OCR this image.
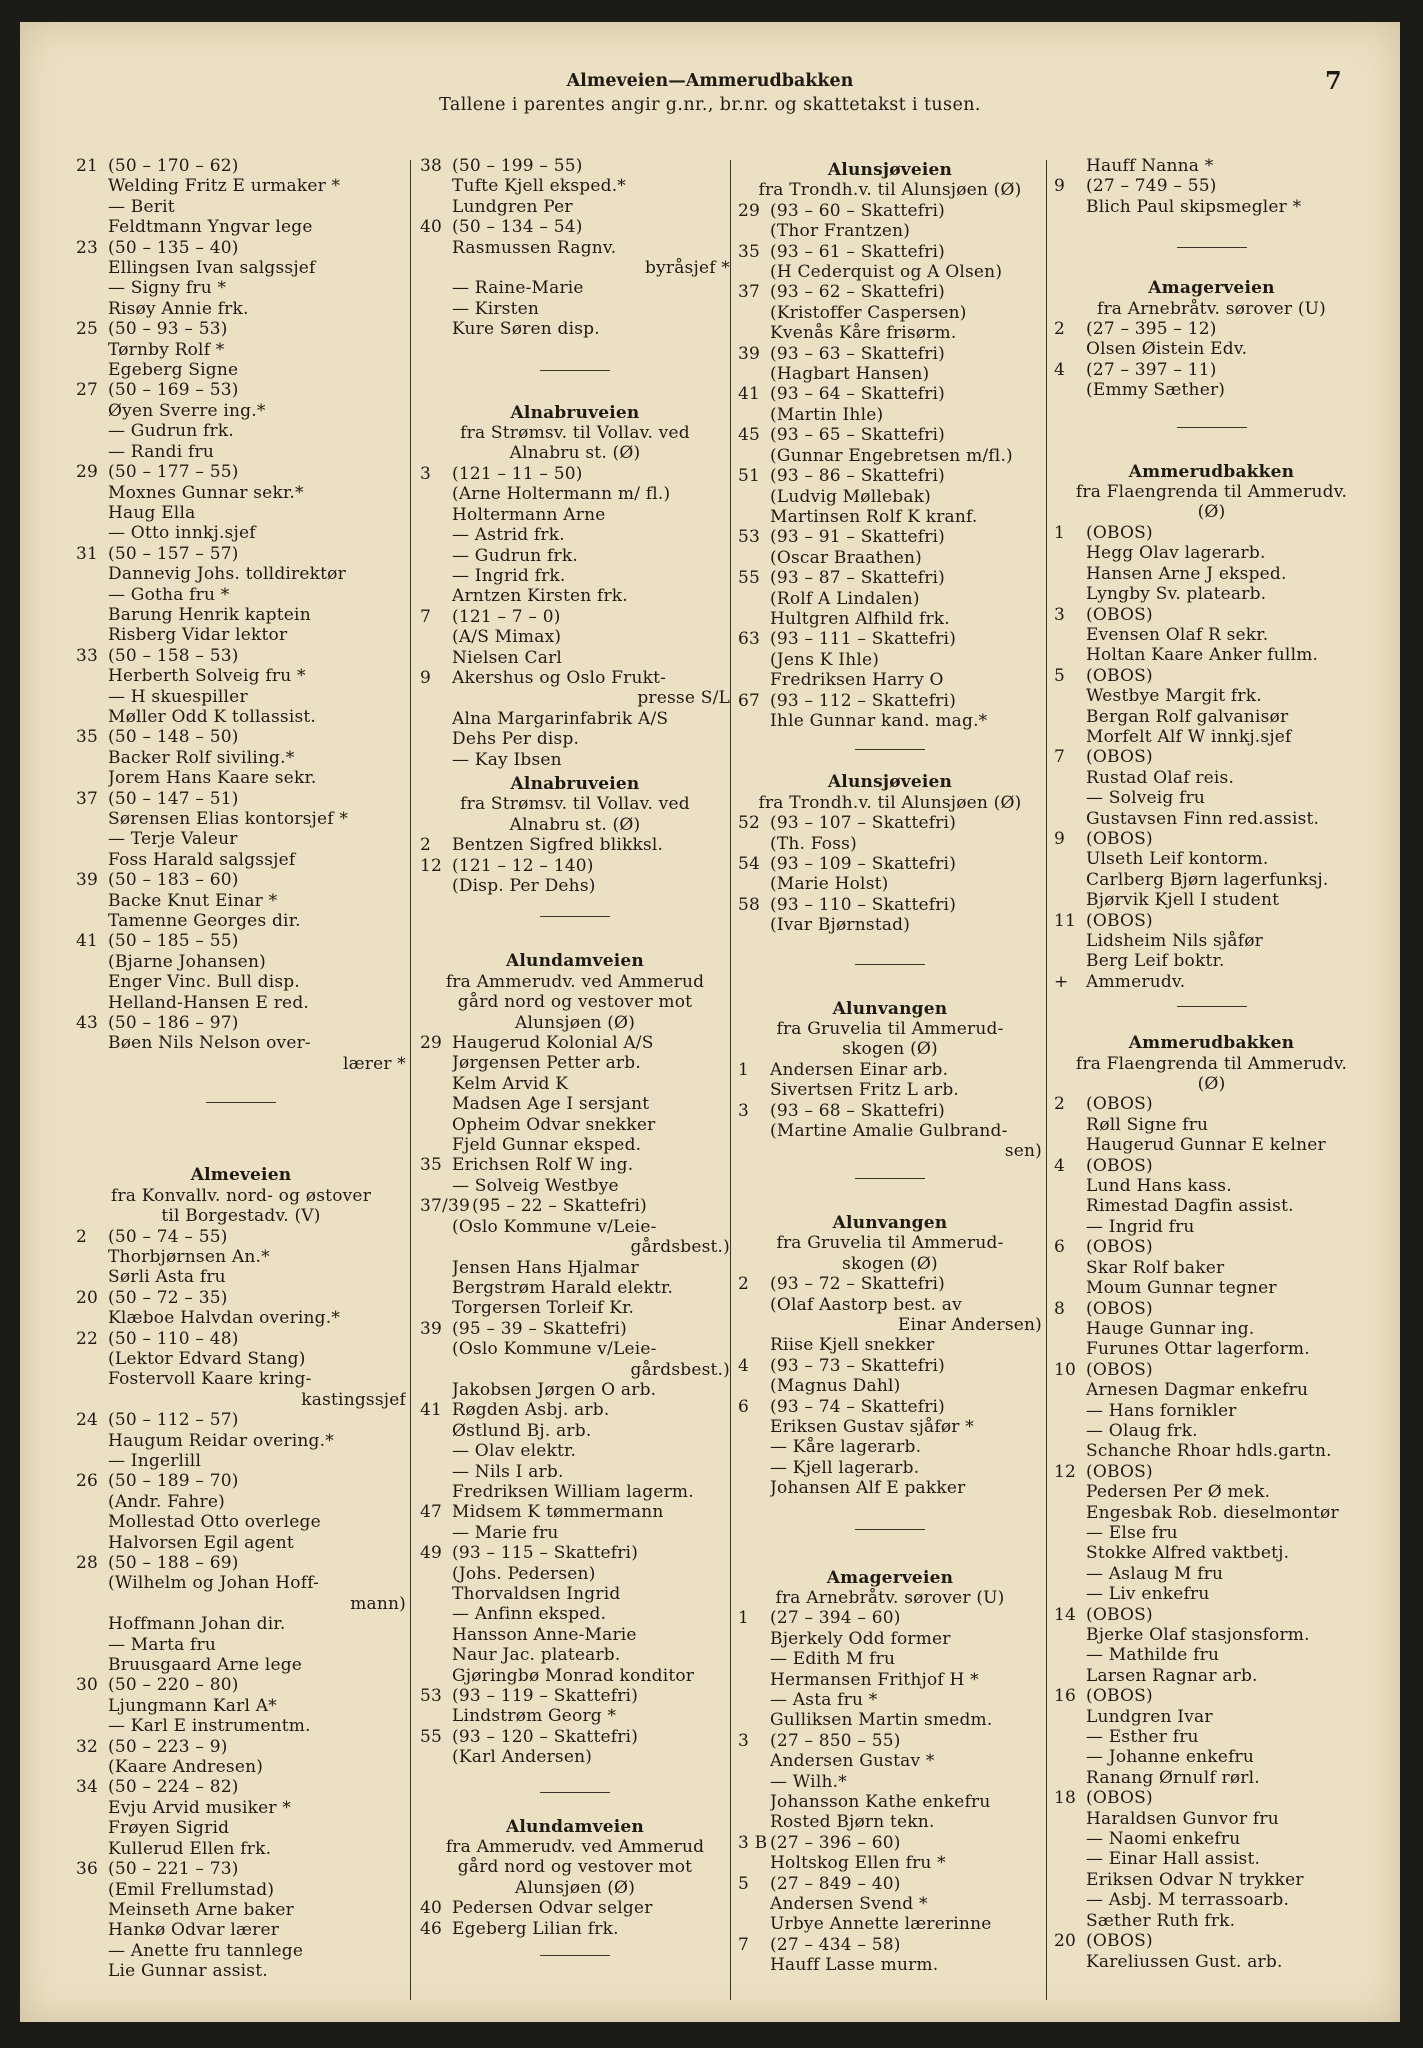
Almeveien—Ammerudbakken
Tallene i parentes angir g.nr., br.nr. og skattetakst i tusen.
7
21 (50 – 170 – 62)
Welding Fritz E urmaker *
— Berit
Feldtmann Yngvar lege
23 (50 – 135 – 40)
Ellingsen Ivan salgssjef
— Signy fru *
Risøy Annie frk.
25 (50 – 93 – 53)
Tørnby Rolf *
Egeberg Signe
27 (50 – 169 – 53)
Øyen Sverre ing.*
— Gudrun frk.
— Randi fru
29 (50 – 177 – 55)
Moxnes Gunnar sekr.*
Haug Ella
— Otto innkj.sjef
31 (50 – 157 – 57)
Dannevig Johs. tolldirektør
— Gotha fru *
Barung Henrik kaptein
Risberg Vidar lektor
33 (50 – 158 – 53)
Herberth Solveig fru *
— H skuespiller
Møller Odd K tollassist.
35 (50 – 148 – 50)
Backer Rolf siviling.*
Jorem Hans Kaare sekr.
37 (50 – 147 – 51)
Sørensen Elias kontorsjef *
— Terje Valeur
Foss Harald salgssjef
39 (50 – 183 – 60)
Backe Knut Einar *
Tamenne Georges dir.
41 (50 – 185 – 55)
(Bjarne Johansen)
Enger Vinc. Bull disp.
Helland-Hansen E red.
43 (50 – 186 – 97)
Bøen Nils Nelson over-
lærer *
Almeveien
fra Konvallv. nord- og østover
til Borgestadv. (V)
2	(50 – 74 – 55)
Thorbjørnsen An.*
Sørli Asta fru
20 (50 – 72 – 35)
Klæboe Halvdan overing.*
22 (50 – 110 – 48)
(Lektor Edvard Stang)
Fostervoll Kaare kring-
kastingssjef
24 (50 – 112 – 57)
Haugum Reidar overing.*
— Ingerlill
26 (50 – 189 – 70)
(Andr. Fahre)
Mollestad Otto overlege
Halvorsen Egil agent
28 (50 – 188 – 69)
(Wilhelm og Johan Hoff-
mann)
Hoffmann Johan dir.
— Marta fru
Bruusgaard Arne lege
30 (50 – 220 – 80)
Ljungmann Karl A*
— Karl E instrumentm.
32 (50 – 223 – 9)
(Kaare Andresen)
34 (50 – 224 – 82)
Evju Arvid musiker *
Frøyen Sigrid
Kullerud Ellen frk.
36 (50 – 221 – 73)
(Emil Frellumstad)
Meinseth Arne baker
Hankø Odvar lærer
— Anette fru tannlege
Lie Gunnar assist.
38 (50 – 199 – 55)
Tufte Kjell eksped.*
Lundgren Per
40 (50 – 134 – 54)
Rasmussen Ragnv.
byråsjef *
— Raine-Marie
— Kirsten
Kure Søren disp.
Alnabruveien
fra Strømsv. til Vollav. ved
Alnabru st. (Ø)
3	(121 – 11 – 50)
(Arne Holtermann m/ fl.)
Holtermann Arne
— Astrid frk.
— Gudrun frk.
— Ingrid frk.
Arntzen Kirsten frk.
7	(121 – 7 – 0)
(A/S Mimax)
Nielsen Carl
9	Akershus og Oslo Frukt-
presse S/L
Alna Margarinfabrik A/S
Dehs Per disp.
— Kay Ibsen
Alnabruveien
fra Strømsv. til Vollav. ved
Alnabru st. (Ø)
2	Bentzen Sigfred blikksl.
12 (121 – 12 – 140)
(Disp. Per Dehs)
Alundamveien
fra Ammerudv. ved Ammerud
gård nord og vestover mot
Alunsjøen (Ø)
29 Haugerud Kolonial A/S
Jørgensen Petter arb.
Kelm Arvid K
Madsen Age I sersjant
Opheim Odvar snekker
Fjeld Gunnar eksped.
35 Erichsen Rolf W ing.
— Solveig Westbye
37/39 (95 – 22 – Skattefri)
(Oslo Kommune v/Leie-
gårdsbest.)
Jensen Hans Hjalmar
Bergstrøm Harald elektr.
Torgersen Torleif Kr.
39 (95 – 39 – Skattefri)
(Oslo Kommune v/Leie-
gårdsbest.)
Jakobsen Jørgen O arb.
41 Røgden Asbj. arb.
Østlund Bj. arb.
— Olav elektr.
— Nils I arb.
Fredriksen William lagerm.
47 Midsem K tømmermann
— Marie fru
49 (93 – 115 – Skattefri)
(Johs. Pedersen)
Thorvaldsen Ingrid
— Anfinn eksped.
Hansson Anne-Marie
Naur Jac. platearb.
Gjøringbø Monrad konditor
53 (93 – 119 – Skattefri)
Lindstrøm Georg *
55 (93 – 120 – Skattefri)
(Karl Andersen)
Alundamveien
fra Ammerudv. ved Ammerud
gård nord og vestover mot
Alunsjøen (Ø)
40 Pedersen Odvar selger
46 Egeberg Lilian frk.
Alunsjøveien
fra Trondh.v. til Alunsjøen (Ø)
29 (93 – 60 – Skattefri)
(Thor Frantzen)
35 (93 – 61 – Skattefri)
(H Cederquist og A Olsen)
37 (93 – 62 – Skattefri)
(Kristoffer Caspersen)
Kvenås Kåre frisørm.
39 (93 – 63 – Skattefri)
(Hagbart Hansen)
41 (93 – 64 – Skattefri)
(Martin Ihle)
45 (93 – 65 – Skattefri)
(Gunnar Engebretsen m/fl.)
51 (93 – 86 – Skattefri)
(Ludvig Møllebak)
Martinsen Rolf K kranf.
53 (93 – 91 – Skattefri)
(Oscar Braathen)
55 (93 – 87 – Skattefri)
(Rolf A Lindalen)
Hultgren Alfhild frk.
63 (93 – 111 – Skattefri)
(Jens K Ihle)
Fredriksen Harry O
67 (93 – 112 – Skattefri)
Ihle Gunnar kand. mag.*
Alunsjøveien
fra Trondh.v. til Alunsjøen (Ø)
52 (93 – 107 – Skattefri)
(Th. Foss)
54 (93 – 109 – Skattefri)
(Marie Holst)
58 (93 – 110 – Skattefri)
(Ivar Bjørnstad)
Alunvangen
fra Gruvelia til Ammerud-
skogen (Ø)
1	Andersen Einar arb.
Sivertsen Fritz L arb.
3	(93 – 68 – Skattefri)
(Martine Amalie Gulbrand-
sen)
Alunvangen
fra Gruvelia til Ammerud-
skogen (Ø)
2	(93 – 72 – Skattefri)
(Olaf Aastorp best. av
Einar Andersen)
Riise Kjell snekker
4	(93 – 73 – Skattefri)
(Magnus Dahl)
6	(93 – 74 – Skattefri)
Eriksen Gustav sjåfør *
— Kåre lagerarb.
— Kjell lagerarb.
Johansen Alf E pakker
Amagerveien
fra Arnebråtv. sørover (U)
1	(27 – 394 – 60)
Bjerkely Odd former
— Edith M fru
Hermansen Frithjof H *
— Asta fru *
Gulliksen Martin smedm.
3	(27 – 850 – 55)
Andersen Gustav *
— Wilh.*
Johansson Kathe enkefru
Rosted Bjørn tekn.
3 B (27 – 396 – 60)
Holtskog Ellen fru *
5	(27 – 849 – 40)
Andersen Svend *
Urbye Annette lærerinne
7	(27 – 434 – 58)
Hauff Lasse murm.
Hauff Nanna *
9	(27 – 749 – 55)
Blich Paul skipsmegler *
Amagerveien
fra Arnebråtv. sørover (U)
2	(27 – 395 – 12)
Olsen Øistein Edv.
4	(27 – 397 – 11)
(Emmy Sæther)
Ammerudbakken
fra Flaengrenda til Ammerudv.
(Ø)
1	(OBOS)
Hegg Olav lagerarb.
Hansen Arne J eksped.
Lyngby Sv. platearb.
3	(OBOS)
Evensen Olaf R sekr.
Holtan Kaare Anker fullm.
5	(OBOS)
Westbye Margit frk.
Bergan Rolf galvanisør
Morfelt Alf W innkj.sjef
7	(OBOS)
Rustad Olaf reis.
— Solveig fru
Gustavsen Finn red.assist.
9	(OBOS)
Ulseth Leif kontorm.
Carlberg Bjørn lagerfunksj.
Bjørvik Kjell I student
11 (OBOS)
Lidsheim Nils sjåfør
Berg Leif boktr.
+	Ammerudv.
Ammerudbakken
fra Flaengrenda til Ammerudv.
(Ø)
2	(OBOS)
Røll Signe fru
Haugerud Gunnar E kelner
4	(OBOS)
Lund Hans kass.
Rimestad Dagfin assist.
— Ingrid fru
6	(OBOS)
Skar Rolf baker
Moum Gunnar tegner
8	(OBOS)
Hauge Gunnar ing.
Furunes Ottar lagerform.
10 (OBOS)
Arnesen Dagmar enkefru
— Hans fornikler
— Olaug frk.
Schanche Rhoar hdls.gartn.
12 (OBOS)
Pedersen Per Ø mek.
Engesbak Rob. dieselmontør
— Else fru
Stokke Alfred vaktbetj.
— Aslaug M fru
— Liv enkefru
14 (OBOS)
Bjerke Olaf stasjonsform.
— Mathilde fru
Larsen Ragnar arb.
16 (OBOS)
Lundgren Ivar
— Esther fru
— Johanne enkefru
Ranang Ørnulf rørl.
18 (OBOS)
Haraldsen Gunvor fru
— Naomi enkefru
— Einar Hall assist.
Eriksen Odvar N trykker
— Asbj. M terrassoarb.
Sæther Ruth frk.
20 (OBOS)
Kareliussen Gust. arb.
